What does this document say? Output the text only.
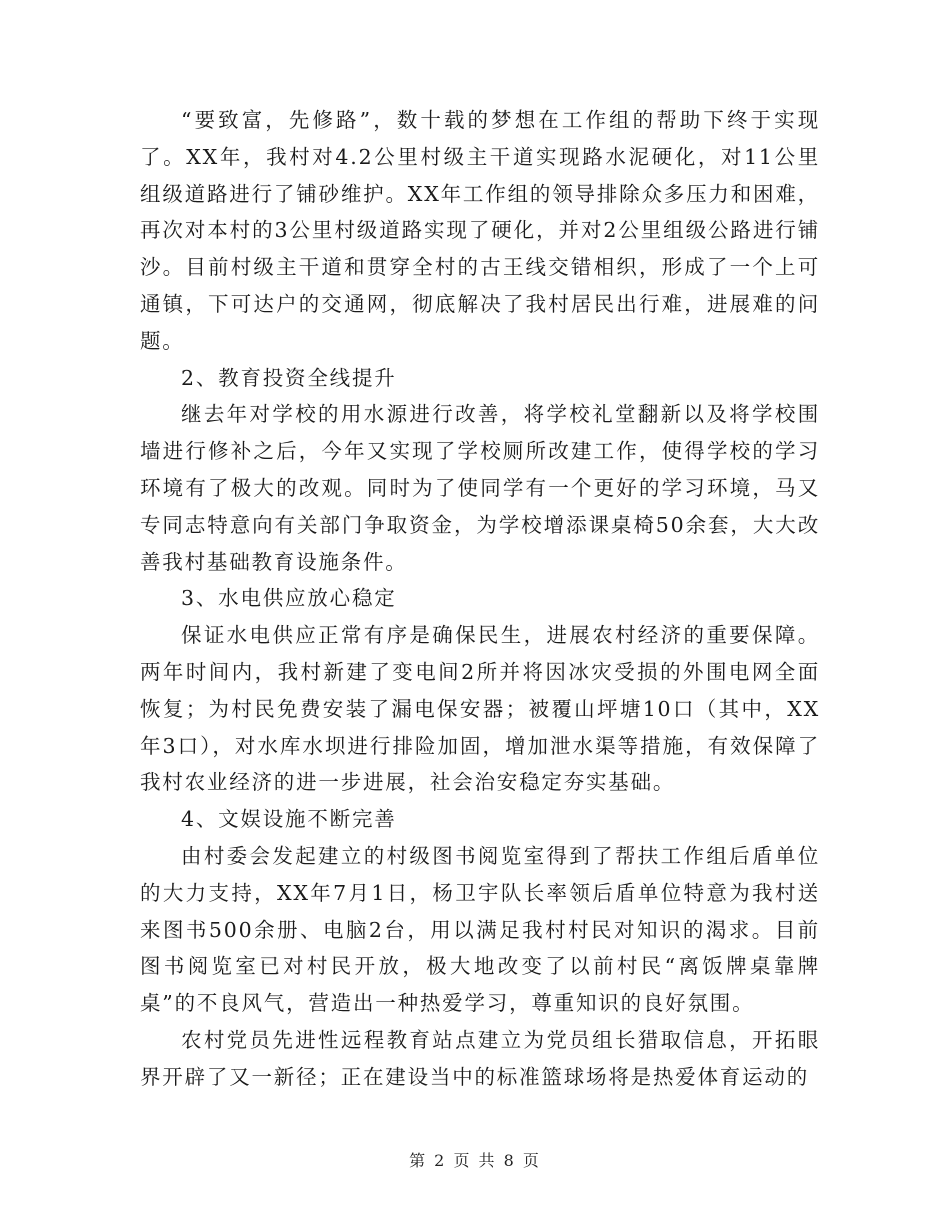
“要致富，先修路”，数十载的梦想在工作组的帮助下终于实现了。XX年，我村对4.2公里村级主干道实现路水泥硬化，对11公里组级道路进行了铺砂维护。XX年工作组的领导排除众多压力和困难，再次对本村的3公里村级道路实现了硬化，并对2公里组级公路进行铺沙。目前村级主干道和贯穿全村的古王线交错相织，形成了一个上可通镇，下可达户的交通网，彻底解决了我村居民出行难，进展难的问题。

2、教育投资全线提升

继去年对学校的用水源进行改善，将学校礼堂翻新以及将学校围墙进行修补之后，今年又实现了学校厕所改建工作，使得学校的学习环境有了极大的改观。同时为了使同学有一个更好的学习环境，马又专同志特意向有关部门争取资金，为学校增添课桌椅50余套，大大改善我村基础教育设施条件。

3、水电供应放心稳定

保证水电供应正常有序是确保民生，进展农村经济的重要保障。两年时间内，我村新建了变电间2所并将因冰灾受损的外围电网全面恢复；为村民免费安装了漏电保安器；被覆山坪塘10口（其中，XX年3口），对水库水坝进行排险加固，增加泄水渠等措施，有效保障了我村农业经济的进一步进展，社会治安稳定夯实基础。

4、文娱设施不断完善

由村委会发起建立的村级图书阅览室得到了帮扶工作组后盾单位的大力支持，XX年7月1日，杨卫宇队长率领后盾单位特意为我村送来图书500余册、电脑2台，用以满足我村村民对知识的渴求。目前图书阅览室已对村民开放，极大地改变了以前村民“离饭牌桌靠牌桌”的不良风气，营造出一种热爱学习，尊重知识的良好氛围。

农村党员先进性远程教育站点建立为党员组长猎取信息，开拓眼界开辟了又一新径；正在建设当中的标准篮球场将是热爱体育运动的

第 2 页 共 8 页
